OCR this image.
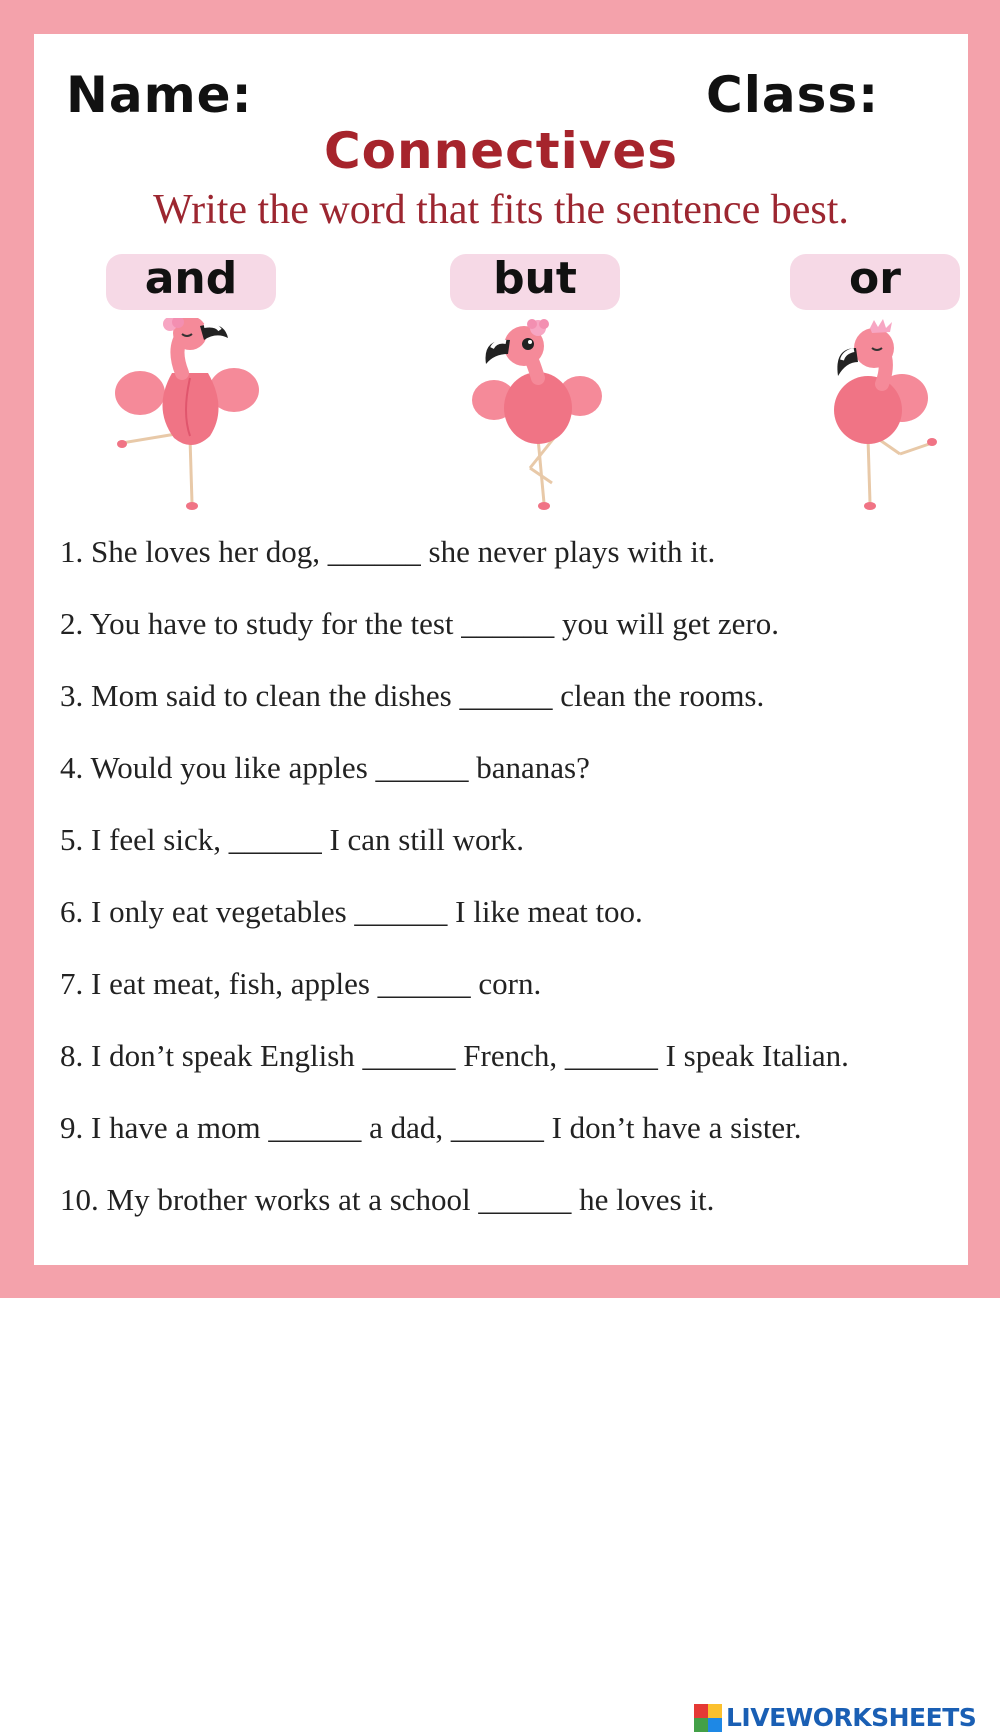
Name:	Class:
Connectives
Write the word that fits the sentence best.
and	but	or
1. She loves her dog, ______ she never plays with it.
2. You have to study for the test ______ you will get zero.
3. Mom said to clean the dishes ______ clean the rooms.
4. Would you like apples ______ bananas?
5. I feel sick, ______ I can still work.
6. I only eat vegetables ______ I like meat too.
7. I eat meat, fish, apples ______ corn.
8. I don’t speak English ______ French, ______ I speak Italian.
9. I have a mom ______ a dad, ______ I don’t have a sister.
10. My brother works at a school ______ he loves it.
LIVEWORKSHEETS
